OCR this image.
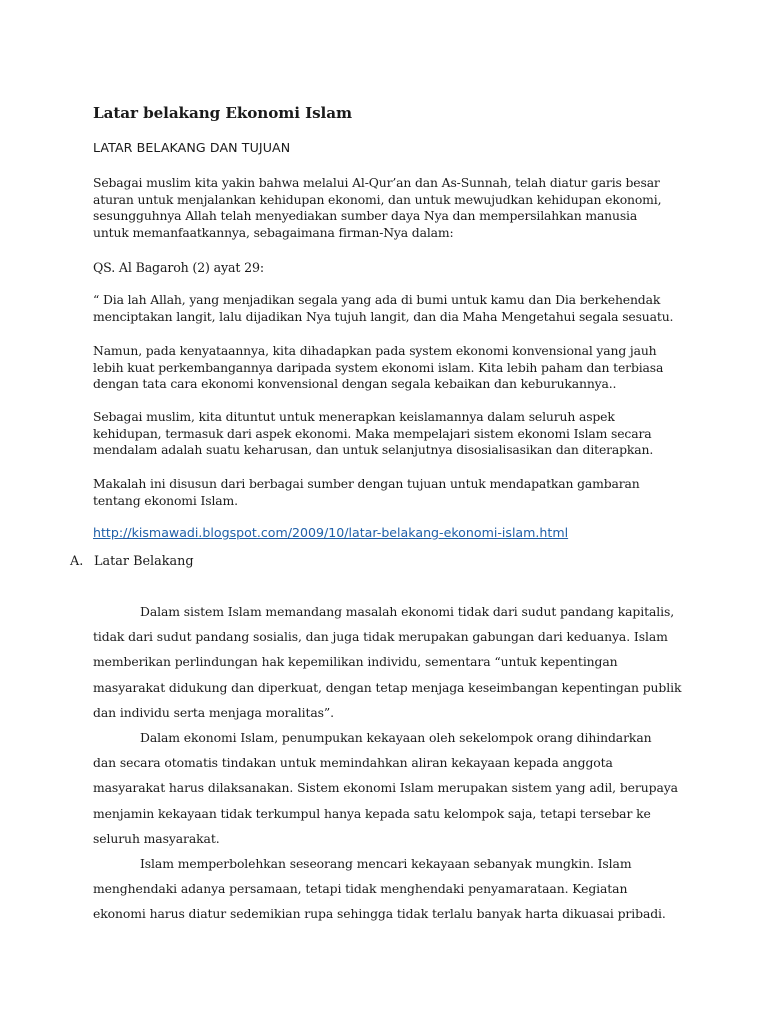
Latar belakang Ekonomi Islam

LATAR BELAKANG DAN TUJUAN

Sebagai muslim kita yakin bahwa melalui Al-Qur’an dan As-Sunnah, telah diatur garis besar
aturan untuk menjalankan kehidupan ekonomi, dan untuk mewujudkan kehidupan ekonomi,
sesungguhnya Allah telah menyediakan sumber daya Nya dan mempersilahkan manusia
untuk memanfaatkannya, sebagaimana firman-Nya dalam:

QS. Al Bagaroh (2) ayat 29:

“ Dia lah Allah, yang menjadikan segala yang ada di bumi untuk kamu dan Dia berkehendak
menciptakan langit, lalu dijadikan Nya tujuh langit, dan dia Maha Mengetahui segala sesuatu.

Namun, pada kenyataannya, kita dihadapkan pada system ekonomi konvensional yang jauh
lebih kuat perkembangannya daripada system ekonomi islam. Kita lebih paham dan terbiasa
dengan tata cara ekonomi konvensional dengan segala kebaikan dan keburukannya..

Sebagai muslim, kita dituntut untuk menerapkan keislamannya dalam seluruh aspek
kehidupan, termasuk dari aspek ekonomi. Maka mempelajari sistem ekonomi Islam secara
mendalam adalah suatu keharusan, dan untuk selanjutnya disosialisasikan dan diterapkan.

Makalah ini disusun dari berbagai sumber dengan tujuan untuk mendapatkan gambaran
tentang ekonomi Islam.

http://kismawadi.blogspot.com/2009/10/latar-belakang-ekonomi-islam.html

A. Latar Belakang

Dalam sistem Islam memandang masalah ekonomi tidak dari sudut pandang kapitalis,
tidak dari sudut pandang sosialis, dan juga tidak merupakan gabungan dari keduanya. Islam
memberikan perlindungan hak kepemilikan individu, sementara “untuk kepentingan
masyarakat didukung dan diperkuat, dengan tetap menjaga keseimbangan kepentingan publik
dan individu serta menjaga moralitas”.

Dalam ekonomi Islam, penumpukan kekayaan oleh sekelompok orang dihindarkan
dan secara otomatis tindakan untuk memindahkan aliran kekayaan kepada anggota
masyarakat harus dilaksanakan. Sistem ekonomi Islam merupakan sistem yang adil, berupaya
menjamin kekayaan tidak terkumpul hanya kepada satu kelompok saja, tetapi tersebar ke
seluruh masyarakat.

Islam memperbolehkan seseorang mencari kekayaan sebanyak mungkin. Islam
menghendaki adanya persamaan, tetapi tidak menghendaki penyamarataan. Kegiatan
ekonomi harus diatur sedemikian rupa sehingga tidak terlalu banyak harta dikuasai pribadi.
